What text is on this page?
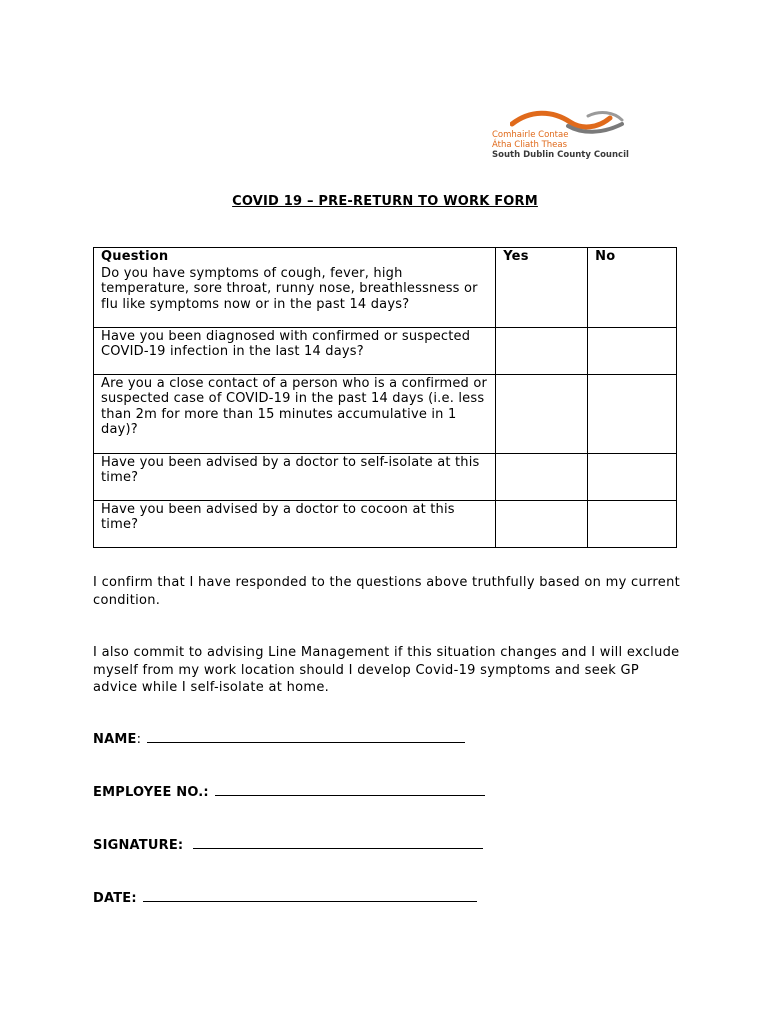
Comhairle Contae
Átha Cliath Theas
South Dublin County Council
COVID 19 – PRE-RETURN TO WORK FORM
Question	Yes	No
Do you have symptoms of cough, fever, high temperature, sore throat, runny nose, breathlessness or flu like symptoms now or in the past 14 days?		
Have you been diagnosed with confirmed or suspected COVID-19 infection in the last 14 days?		
Are you a close contact of a person who is a confirmed or suspected case of COVID-19 in the past 14 days (i.e. less than 2m for more than 15 minutes accumulative in 1 day)?		
Have you been advised by a doctor to self-isolate at this time?		
Have you been advised by a doctor to cocoon at this time?		
I confirm that I have responded to the questions above truthfully based on my current condition.
I also commit to advising Line Management if this situation changes and I will exclude myself from my work location should I develop Covid-19 symptoms and seek GP advice while I self-isolate at home.
NAME:
EMPLOYEE NO.:
SIGNATURE:
DATE:
